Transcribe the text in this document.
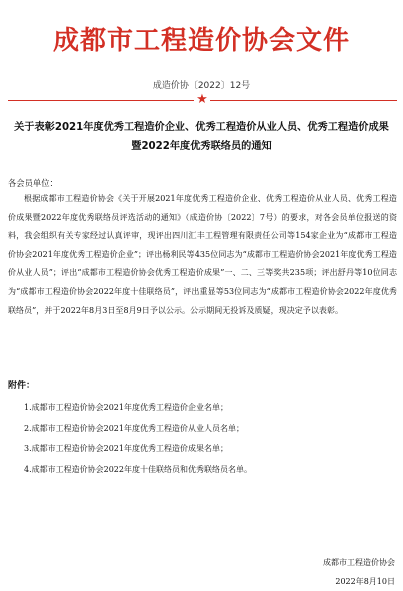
成都市工程造价协会文件
成造价协〔2022〕12号
★
关于表彰2021年度优秀工程造价企业、优秀工程造价从业人员、优秀工程造价成果
暨2022年度优秀联络员的通知
各会员单位：
根据成都市工程造价协会《关于开展2021年度优秀工程造价企业、优秀工程造价从业人员、优秀工程造价成果暨2022年度优秀联络员评选活动的通知》（成造价协〔2022〕7号）的要求，对各会员单位报送的资料，我会组织有关专家经过认真评审，现评出四川汇丰工程管理有限责任公司等154家企业为“成都市工程造价协会2021年度优秀工程造价企业”；评出杨利民等435位同志为“成都市工程造价协会2021年度优秀工程造价从业人员”；评出“成都市工程造价协会优秀工程造价成果”一、二、三等奖共235项；评出舒丹等10位同志为“成都市工程造价协会2022年度十佳联络员”，评出重显等53位同志为“成都市工程造价协会2022年度优秀联络员”，并于2022年8月3日至8月9日予以公示。公示期间无投诉及质疑，现决定予以表彰。
附件：
1.成都市工程造价协会2021年度优秀工程造价企业名单；
2.成都市工程造价协会2021年度优秀工程造价从业人员名单；
3.成都市工程造价协会2021年度优秀工程造价成果名单；
4.成都市工程造价协会2022年度十佳联络员和优秀联络员名单。
成都市工程造价协会
2022年8月10日
